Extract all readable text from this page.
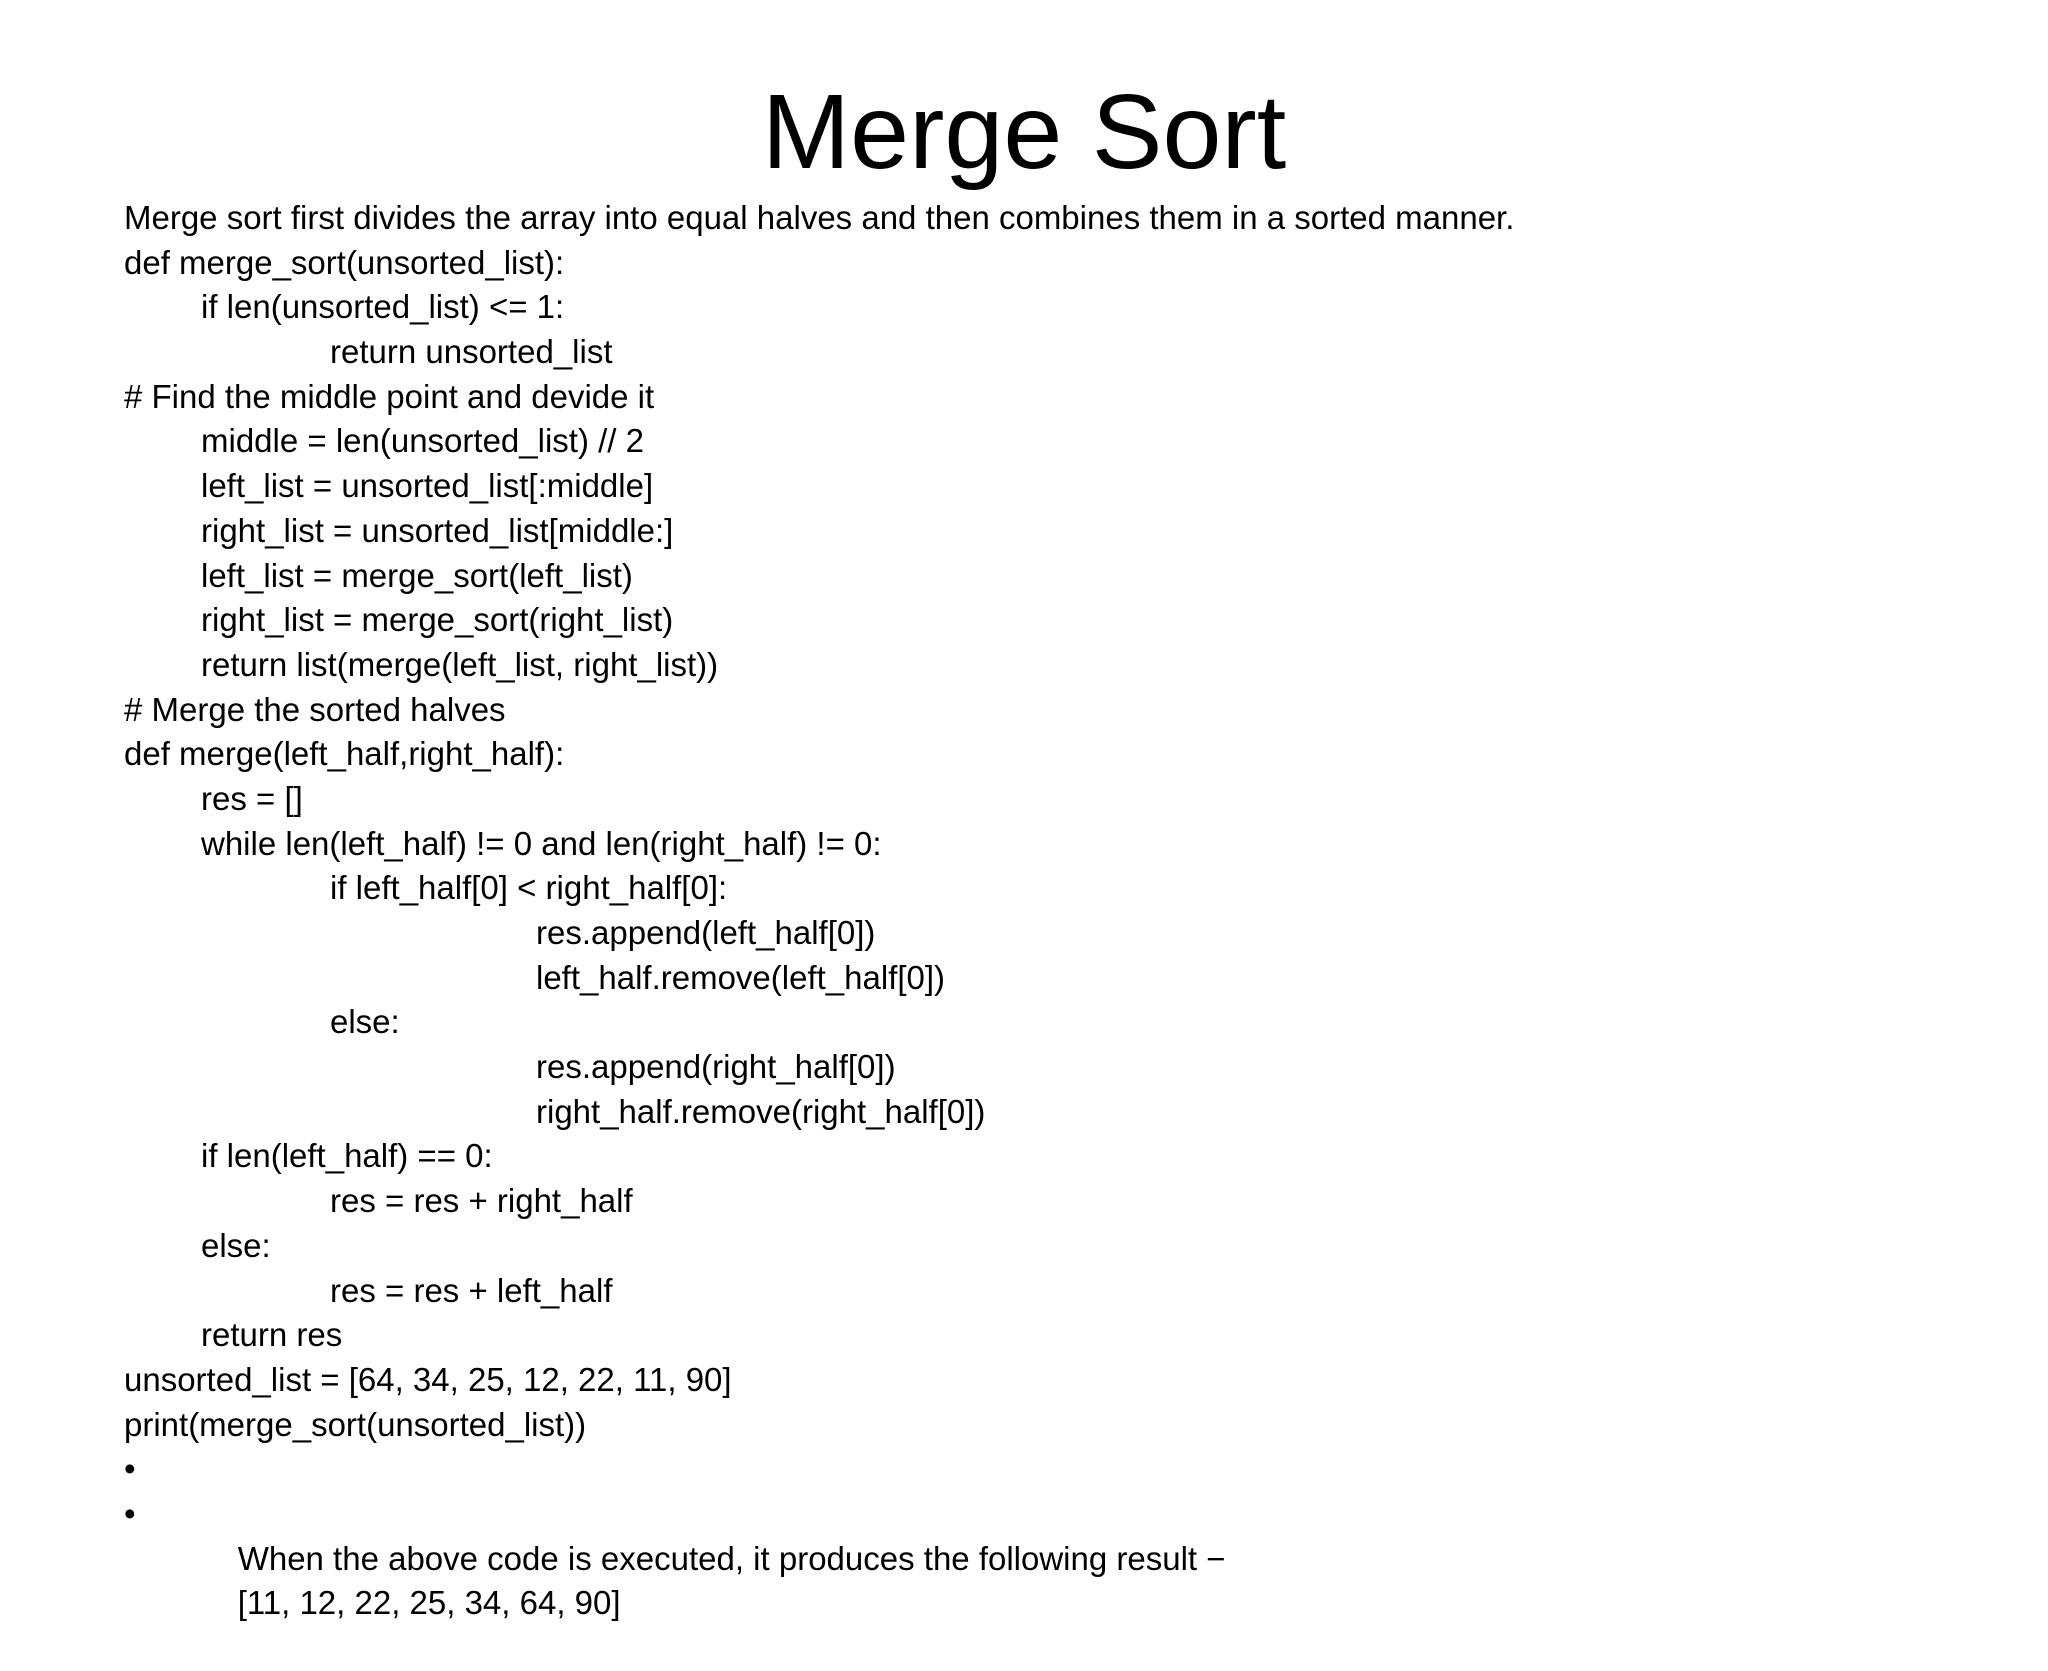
Merge Sort
Merge sort first divides the array into equal halves and then combines them in a sorted manner.
def merge_sort(unsorted_list):
if len(unsorted_list) <= 1:
return unsorted_list
# Find the middle point and devide it
middle = len(unsorted_list) // 2
left_list = unsorted_list[:middle]
right_list = unsorted_list[middle:]
left_list = merge_sort(left_list)
right_list = merge_sort(right_list)
return list(merge(left_list, right_list))
# Merge the sorted halves
def merge(left_half,right_half):
res = []
while len(left_half) != 0 and len(right_half) != 0:
if left_half[0] < right_half[0]:
res.append(left_half[0])
left_half.remove(left_half[0])
else:
res.append(right_half[0])
right_half.remove(right_half[0])
if len(left_half) == 0:
res = res + right_half
else:
res = res + left_half
return res
unsorted_list = [64, 34, 25, 12, 22, 11, 90]
print(merge_sort(unsorted_list))

•

When the above code is executed, it produces the following result −

•

[11, 12, 22, 25, 34, 64, 90]
